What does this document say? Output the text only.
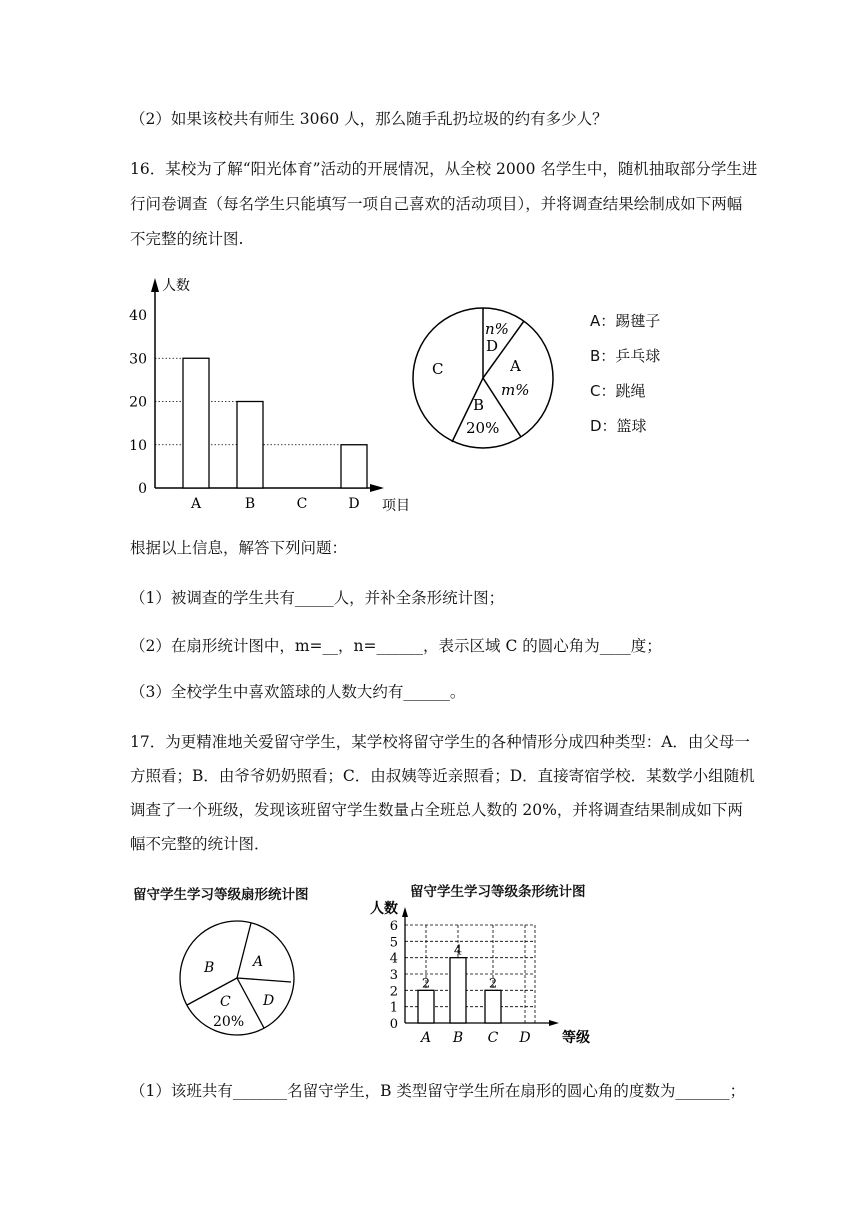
（2）如果该校共有师生 3060 人，那么随手乱扔垃圾的约有多少人？
16．某校为了解“阳光体育”活动的开展情况，从全校 2000 名学生中，随机抽取部分学生进
行问卷调查（每名学生只能填写一项自己喜欢的活动项目），并将调查结果绘制成如下两幅
不完整的统计图.
人数
项目
0
10
20
30
40
A	B	C	D
n%
D
A
m%
B
20%
C
A：踢毽子
B：乒乓球
C：跳绳
D：篮球
根据以上信息，解答下列问题：
（1）被调查的学生共有_____人，并补全条形统计图；
（2）在扇形统计图中，m=__，n=______，表示区域 C 的圆心角为____度；
（3）全校学生中喜欢篮球的人数大约有______。
17．为更精准地关爱留守学生，某学校将留守学生的各种情形分成四种类型：A．由父母一
方照看；B．由爷爷奶奶照看；C．由叔姨等近亲照看；D．直接寄宿学校．某数学小组随机
调查了一个班级，发现该班留守学生数量占全班总人数的 20%，并将调查结果制成如下两
幅不完整的统计图．
留守学生学习等级扇形统计图
A
B
C
20%
D
留守学生学习等级条形统计图
人数
等级
0
1
2
3
4
5
6
2
4
2
A B C D
（1）该班共有_______名留守学生，B 类型留守学生所在扇形的圆心角的度数为_______；
